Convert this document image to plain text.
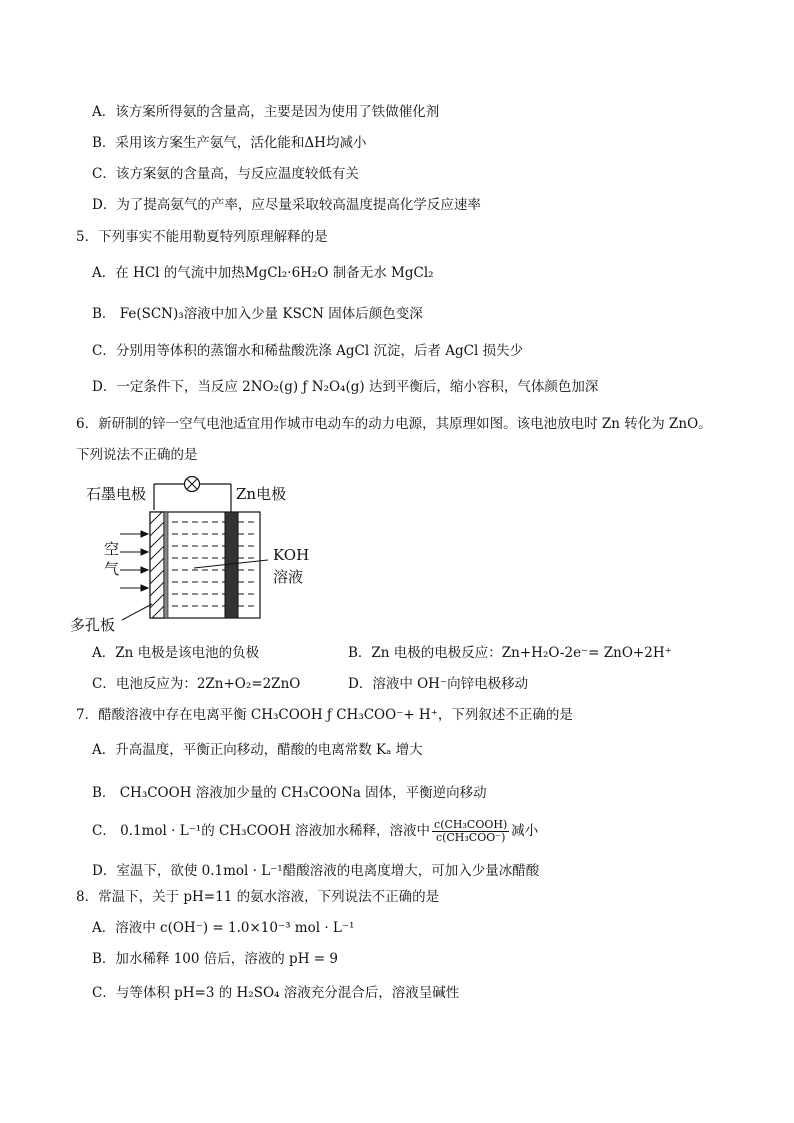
A．该方案所得氨的含量高，主要是因为使用了铁做催化剂
B．采用该方案生产氨气，活化能和ΔH均减小
C．该方案氨的含量高，与反应温度较低有关
D．为了提高氨气的产率，应尽量采取较高温度提高化学反应速率
5．下列事实不能用勒夏特列原理解释的是
A．在 HCl 的气流中加热MgCl₂·6H₂O 制备无水 MgCl₂
B． Fe(SCN)₃溶液中加入少量 KSCN 固体后颜色变深
C．分别用等体积的蒸馏水和稀盐酸洗涤 AgCl 沉淀，后者 AgCl 损失少
D．一定条件下，当反应 2NO₂(g) ƒ N₂O₄(g) 达到平衡后，缩小容积，气体颜色加深
6．新研制的锌一空气电池适宜用作城市电动车的动力电源，其原理如图。该电池放电时 Zn 转化为 ZnO。
下列说法不正确的是
石墨电极	Zn电极
空
气
KOH
溶液
多孔板
A．Zn 电极是该电池的负极	B．Zn 电极的电极反应：Zn+H₂O-2e⁻= ZnO+2H⁺
C．电池反应为：2Zn+O₂=2ZnO	D．溶液中 OH⁻向锌电极移动
7．醋酸溶液中存在电离平衡 CH₃COOH ƒ CH₃COO⁻+ H⁺，下列叙述不正确的是
A．升高温度，平衡正向移动，醋酸的电离常数 Kₐ 增大
B． CH₃COOH 溶液加少量的 CH₃COONa 固体，平衡逆向移动
C． 0.1mol · L⁻¹的 CH₃COOH 溶液加水稀释，溶液中 $\frac{\text{c(CH₃COOH)}}{\text{c(CH₃COO⁻)}}$ 减小
D．室温下，欲使 0.1mol · L⁻¹醋酸溶液的电离度增大，可加入少量冰醋酸
8．常温下，关于 pH=11 的氨水溶液，下列说法不正确的是
A．溶液中 c(OH⁻) = 1.0×10⁻³ mol · L⁻¹
B．加水稀释 100 倍后，溶液的 pH = 9
C．与等体积 pH=3 的 H₂SO₄ 溶液充分混合后，溶液呈碱性
